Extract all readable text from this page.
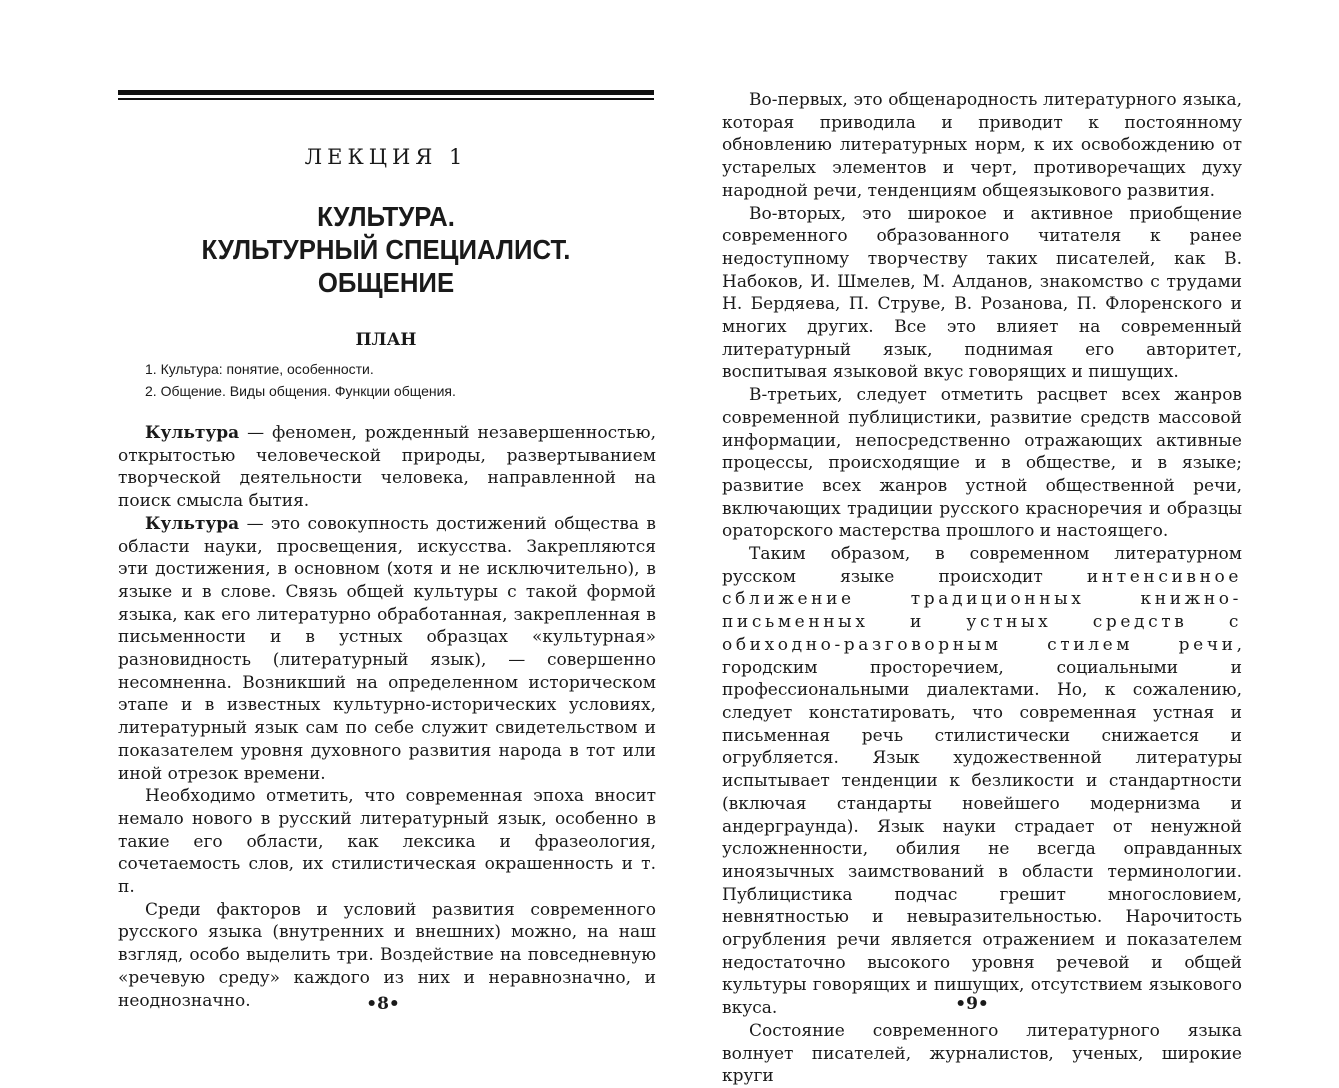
ЛЕКЦИЯ 1
КУЛЬТУРА.
КУЛЬТУРНЫЙ СПЕЦИАЛИСТ.
ОБЩЕНИЕ
ПЛАН
1. Культура: понятие, особенности.
2. Общение. Виды общения. Функции общения.

Культура — феномен, рожденный незавершенностью, открытостью человеческой природы, развертыванием творческой деятельности человека, направленной на поиск смысла бытия.

Культура — это совокупность достижений общества в области науки, просвещения, искусства. Закрепляются эти достижения, в основном (хотя и не исключительно), в языке и в слове. Связь общей культуры с такой формой языка, как его литературно обработанная, закрепленная в письменности и в устных образцах «культурная» разновидность (литературный язык), — совершенно несомненна. Возникший на определенном историческом этапе и в известных культурно-исторических условиях, литературный язык сам по себе служит свидетельством и показателем уровня духовного развития народа в тот или иной отрезок времени.

Необходимо отметить, что современная эпоха вносит немало нового в русский литературный язык, особенно в такие его области, как лексика и фразеология, сочетаемость слов, их стилистическая окрашенность и т. п.

Среди факторов и условий развития современного русского языка (внутренних и внешних) можно, на наш взгляд, особо выделить три. Воздействие на повседневную «речевую среду» каждого из них и неравнозначно, и неоднозначно.	•8•

Во-первых, это общенародность литературного языка, которая приводила и приводит к постоянному обновлению литературных норм, к их освобождению от устарелых элементов и черт, противоречащих духу народной речи, тенденциям общеязыкового развития.

Во-вторых, это широкое и активное приобщение современного образованного читателя к ранее недоступному творчеству таких писателей, как В. Набоков, И. Шмелев, М. Алданов, знакомство с трудами Н. Бердяева, П. Струве, В. Розанова, П. Флоренского и многих других. Все это влияет на современный литературный язык, поднимая его авторитет, воспитывая языковой вкус говорящих и пишущих.

В-третьих, следует отметить расцвет всех жанров современной публицистики, развитие средств массовой информации, непосредственно отражающих активные процессы, происходящие и в обществе, и в языке; развитие всех жанров устной общественной речи, включающих традиции русского красноречия и образцы ораторского мастерства прошлого и настоящего.

Таким образом, в современном литературном русском языке происходит интенсивное сближение традиционных книжно-письменных и устных средств с обиходно-разговорным стилем речи, городским просторечием, социальными и профессиональными диалектами. Но, к сожалению, следует констатировать, что современная устная и письменная речь стилистически снижается и огрубляется. Язык художественной литературы испытывает тенденции к безликости и стандартности (включая стандарты новейшего модернизма и андерграунда). Язык науки страдает от ненужной усложненности, обилия не всегда оправданных иноязычных заимствований в области терминологии. Публицистика подчас грешит многословием, невнятностью и невыразительностью. Нарочитость огрубления речи является отражением и показателем недостаточно высокого уровня речевой и общей культуры говорящих и пишущих, отсутствием языкового вкуса.

Состояние современного литературного языка волнует писателей, журналистов, ученых, широкие круги

•9•
